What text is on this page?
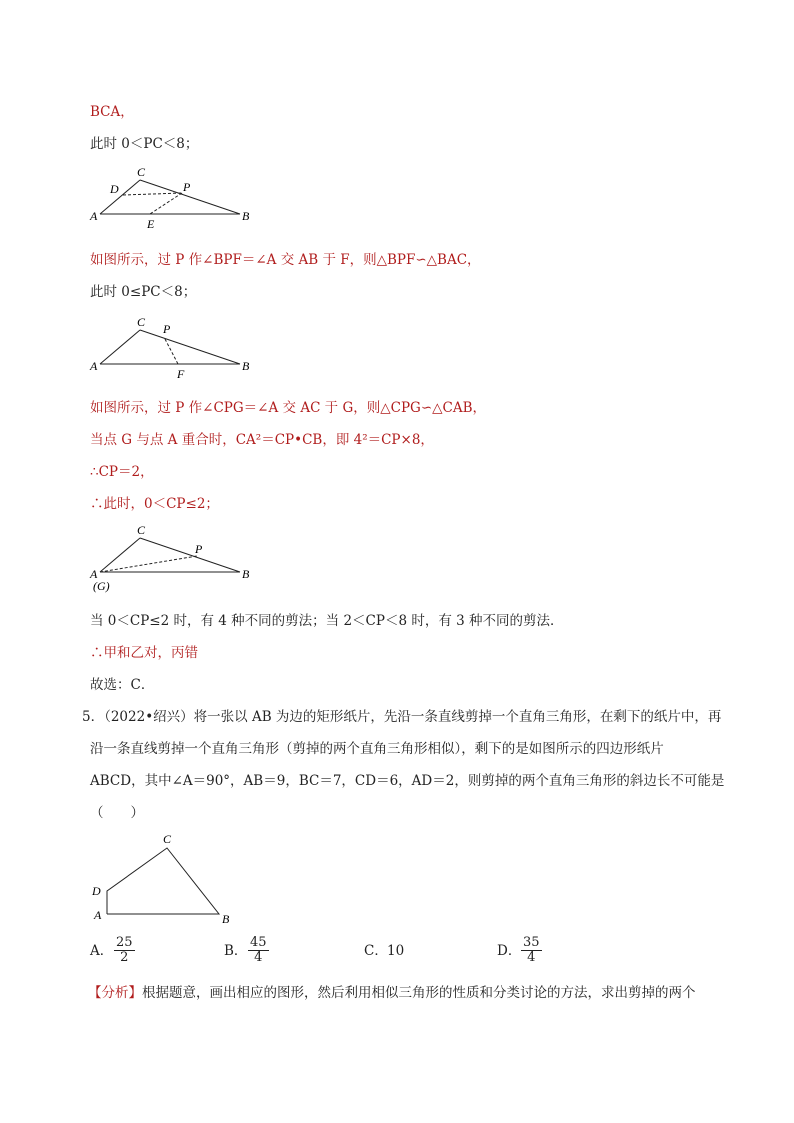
BCA，
此时 0＜PC＜8；
C
D	P
A	B
E
如图所示，过 P 作∠BPF＝∠A 交 AB 于 F，则△BPF∽△BAC，
此时 0≤PC＜8；
C P
A	B
F
如图所示，过 P 作∠CPG＝∠A 交 AC 于 G，则△CPG∽△CAB，
当点 G 与点 A 重合时，CA²＝CP•CB，即 4²＝CP×8，
∴CP＝2，
∴此时，0＜CP≤2；
C
P
A	B
(G)
当 0＜CP≤2 时，有 4 种不同的剪法；当 2＜CP＜8 时，有 3 种不同的剪法．
∴甲和乙对，丙错
故选：C．
5．（2022•绍兴）将一张以 AB 为边的矩形纸片，先沿一条直线剪掉一个直角三角形，在剩下的纸片中，再
沿一条直线剪掉一个直角三角形（剪掉的两个直角三角形相似），剩下的是如图所示的四边形纸片
ABCD，其中∠A＝90°，AB＝9，BC＝7，CD＝6，AD＝2，则剪掉的两个直角三角形的斜边长不可能是
（　　）
C
D
A	B
A． $\frac{25}{2}$	B． $\frac{45}{4}$	C． 10	D． $\frac{35}{4}$
【分析】根据题意，画出相应的图形，然后利用相似三角形的性质和分类讨论的方法，求出剪掉的两个
